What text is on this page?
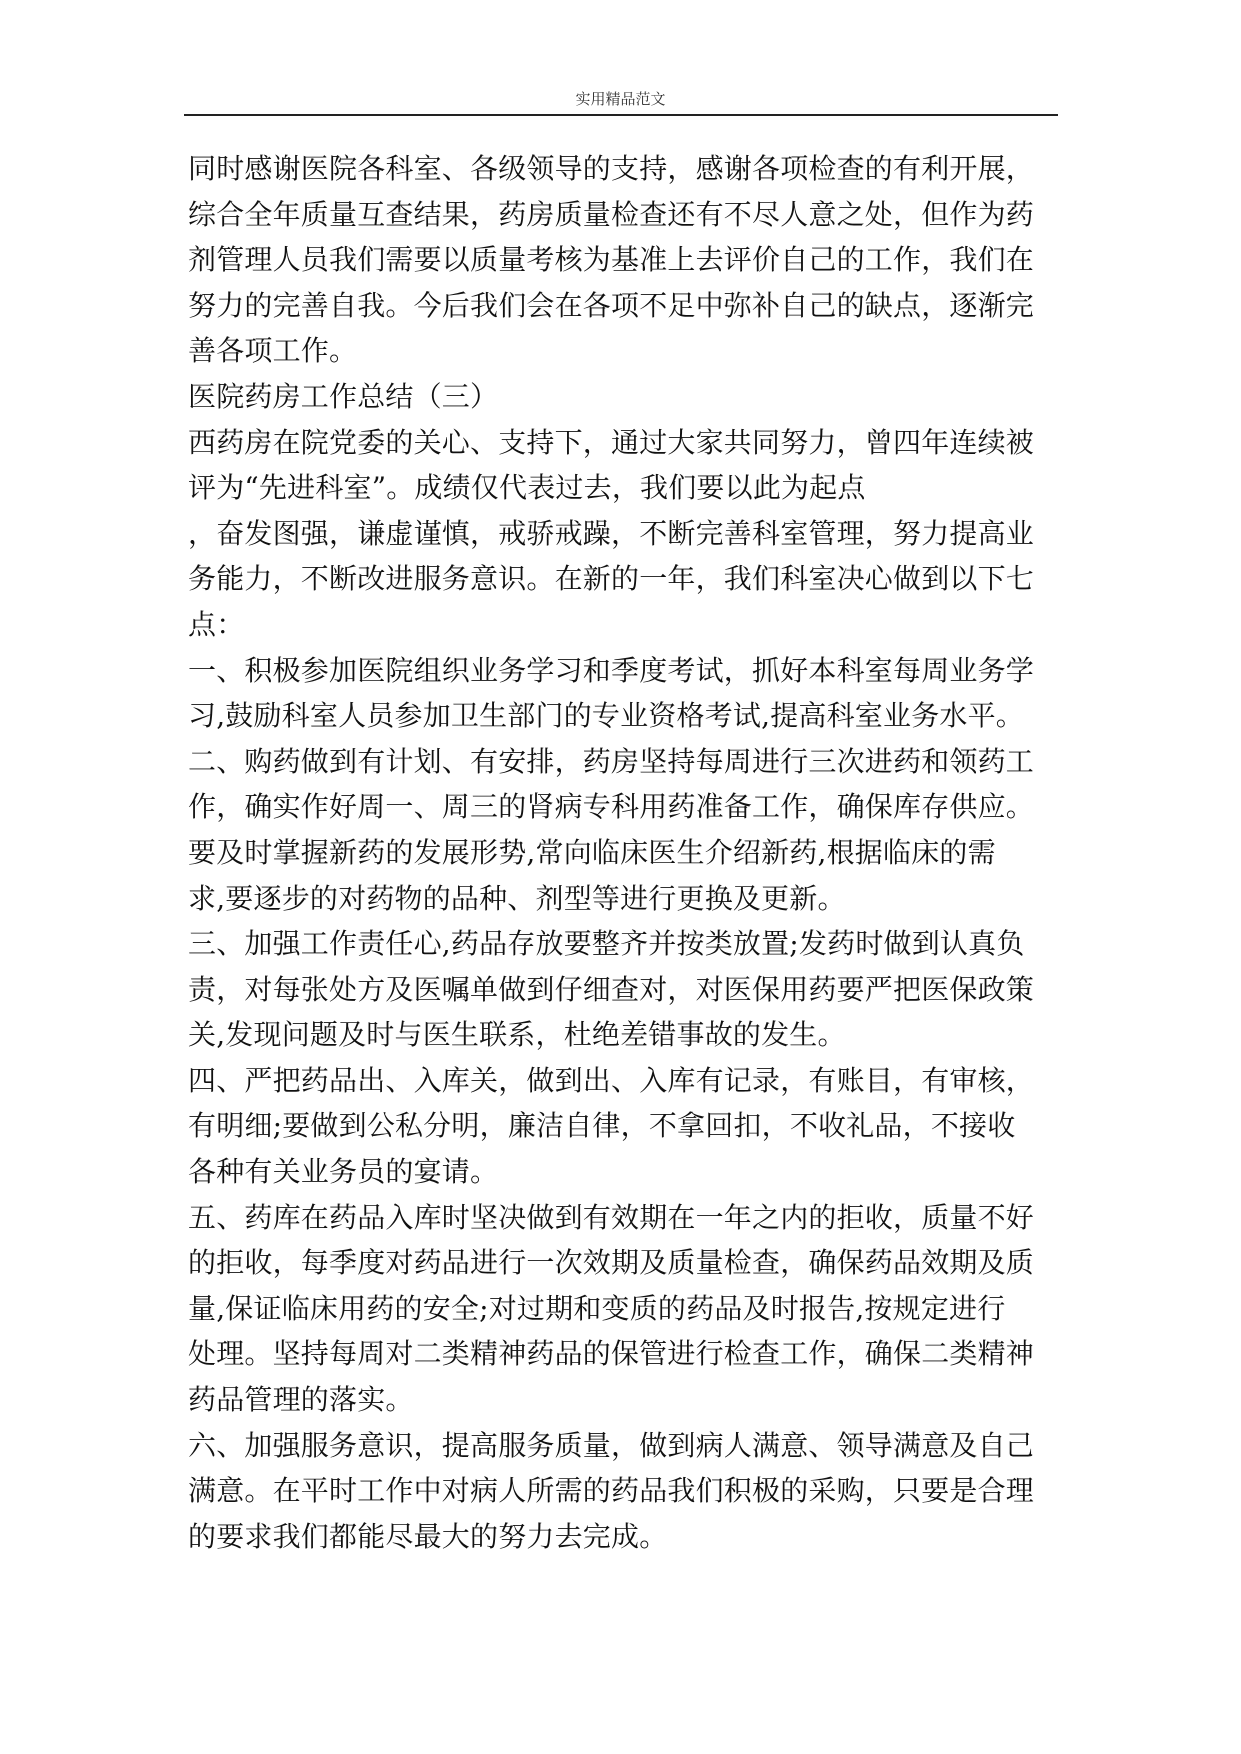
实用精品范文
同时感谢医院各科室、各级领导的支持，感谢各项检查的有利开展，
综合全年质量互查结果，药房质量检查还有不尽人意之处，但作为药
剂管理人员我们需要以质量考核为基准上去评价自己的工作，我们在
努力的完善自我。今后我们会在各项不足中弥补自己的缺点，逐渐完
善各项工作。
医院药房工作总结（三）
西药房在院党委的关心、支持下，通过大家共同努力，曾四年连续被
评为“先进科室”。成绩仅代表过去，我们要以此为起点
，奋发图强，谦虚谨慎，戒骄戒躁，不断完善科室管理，努力提高业
务能力，不断改进服务意识。在新的一年，我们科室决心做到以下七
点：
一、积极参加医院组织业务学习和季度考试，抓好本科室每周业务学
习,鼓励科室人员参加卫生部门的专业资格考试,提高科室业务水平。
二、购药做到有计划、有安排，药房坚持每周进行三次进药和领药工
作，确实作好周一、周三的肾病专科用药准备工作，确保库存供应。
要及时掌握新药的发展形势,常向临床医生介绍新药,根据临床的需
求,要逐步的对药物的品种、剂型等进行更换及更新。
三、加强工作责任心,药品存放要整齐并按类放置;发药时做到认真负
责，对每张处方及医嘱单做到仔细查对，对医保用药要严把医保政策
关,发现问题及时与医生联系，杜绝差错事故的发生。
四、严把药品出、入库关，做到出、入库有记录，有账目，有审核，
有明细;要做到公私分明，廉洁自律，不拿回扣，不收礼品，不接收
各种有关业务员的宴请。
五、药库在药品入库时坚决做到有效期在一年之内的拒收，质量不好
的拒收，每季度对药品进行一次效期及质量检查，确保药品效期及质
量,保证临床用药的安全;对过期和变质的药品及时报告,按规定进行
处理。坚持每周对二类精神药品的保管进行检查工作，确保二类精神
药品管理的落实。
六、加强服务意识，提高服务质量，做到病人满意、领导满意及自己
满意。在平时工作中对病人所需的药品我们积极的采购，只要是合理
的要求我们都能尽最大的努力去完成。
